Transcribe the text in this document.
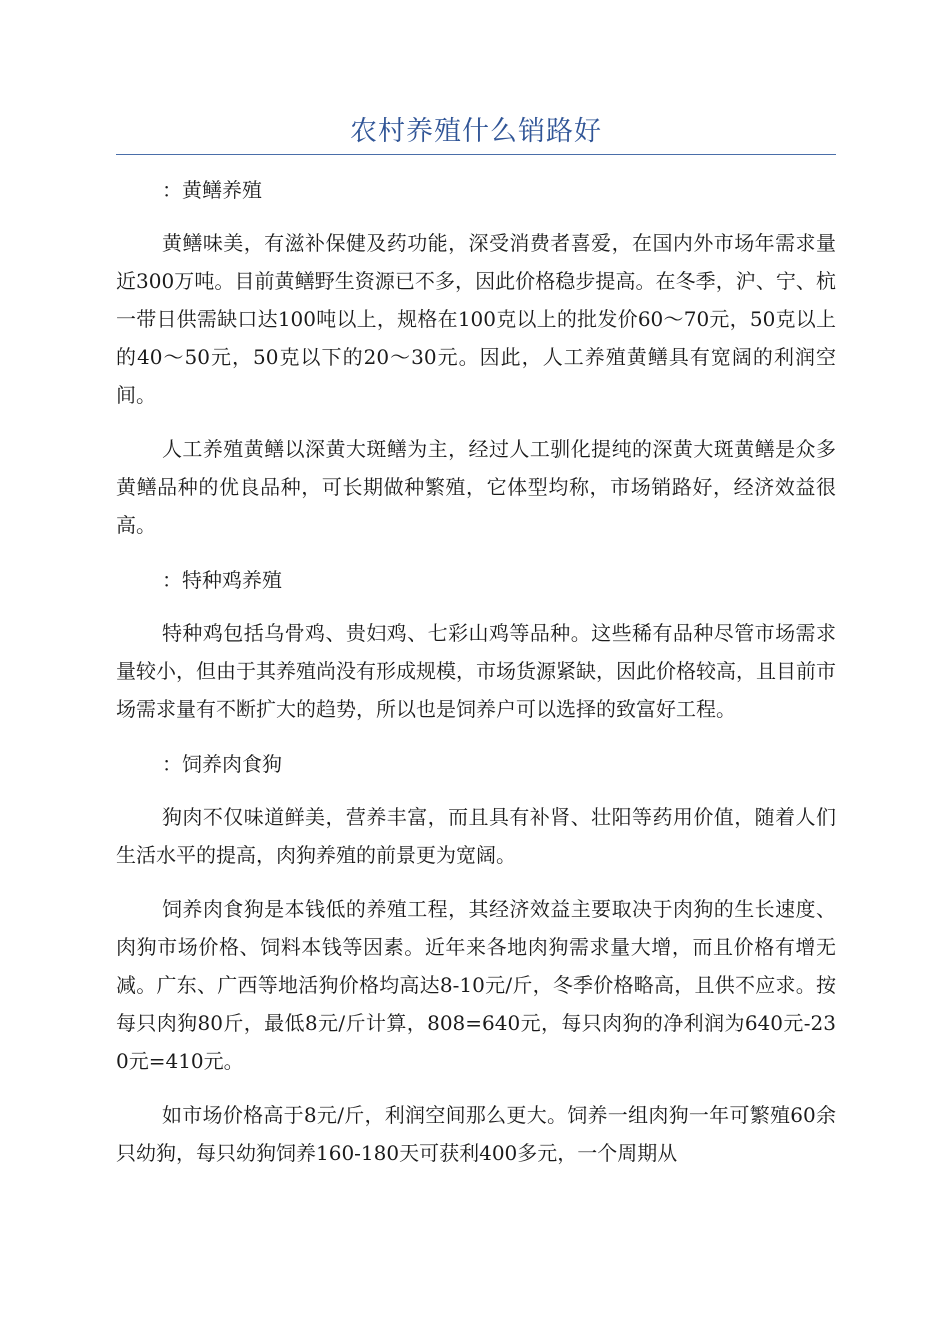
农村养殖什么销路好

：黄鳝养殖

黄鳝味美，有滋补保健及药功能，深受消费者喜爱，在国内外市场年需求量近300万吨。目前黄鳝野生资源已不多，因此价格稳步提高。在冬季，沪、宁、杭一带日供需缺口达100吨以上，规格在100克以上的批发价60～70元，50克以上的40～50元，50克以下的20～30元。因此，人工养殖黄鳝具有宽阔的利润空间。

人工养殖黄鳝以深黄大斑鳝为主，经过人工驯化提纯的深黄大斑黄鳝是众多黄鳝品种的优良品种，可长期做种繁殖，它体型均称，市场销路好，经济效益很高。

：特种鸡养殖

特种鸡包括乌骨鸡、贵妇鸡、七彩山鸡等品种。这些稀有品种尽管市场需求量较小，但由于其养殖尚没有形成规模，市场货源紧缺，因此价格较高，且目前市场需求量有不断扩大的趋势，所以也是饲养户可以选择的致富好工程。

：饲养肉食狗

狗肉不仅味道鲜美，营养丰富，而且具有补肾、壮阳等药用价值，随着人们生活水平的提高，肉狗养殖的前景更为宽阔。

饲养肉食狗是本钱低的养殖工程，其经济效益主要取决于肉狗的生长速度、肉狗市场价格、饲料本钱等因素。近年来各地肉狗需求量大增，而且价格有增无减。广东、广西等地活狗价格均高达8-10元/斤，冬季价格略高，且供不应求。按每只肉狗80斤，最低8元/斤计算，808=640元，每只肉狗的净利润为640元-230元=410元。

如市场价格高于8元/斤，利润空间那么更大。饲养一组肉狗一年可繁殖60余只幼狗，每只幼狗饲养160-180天可获利400多元，一个周期从
